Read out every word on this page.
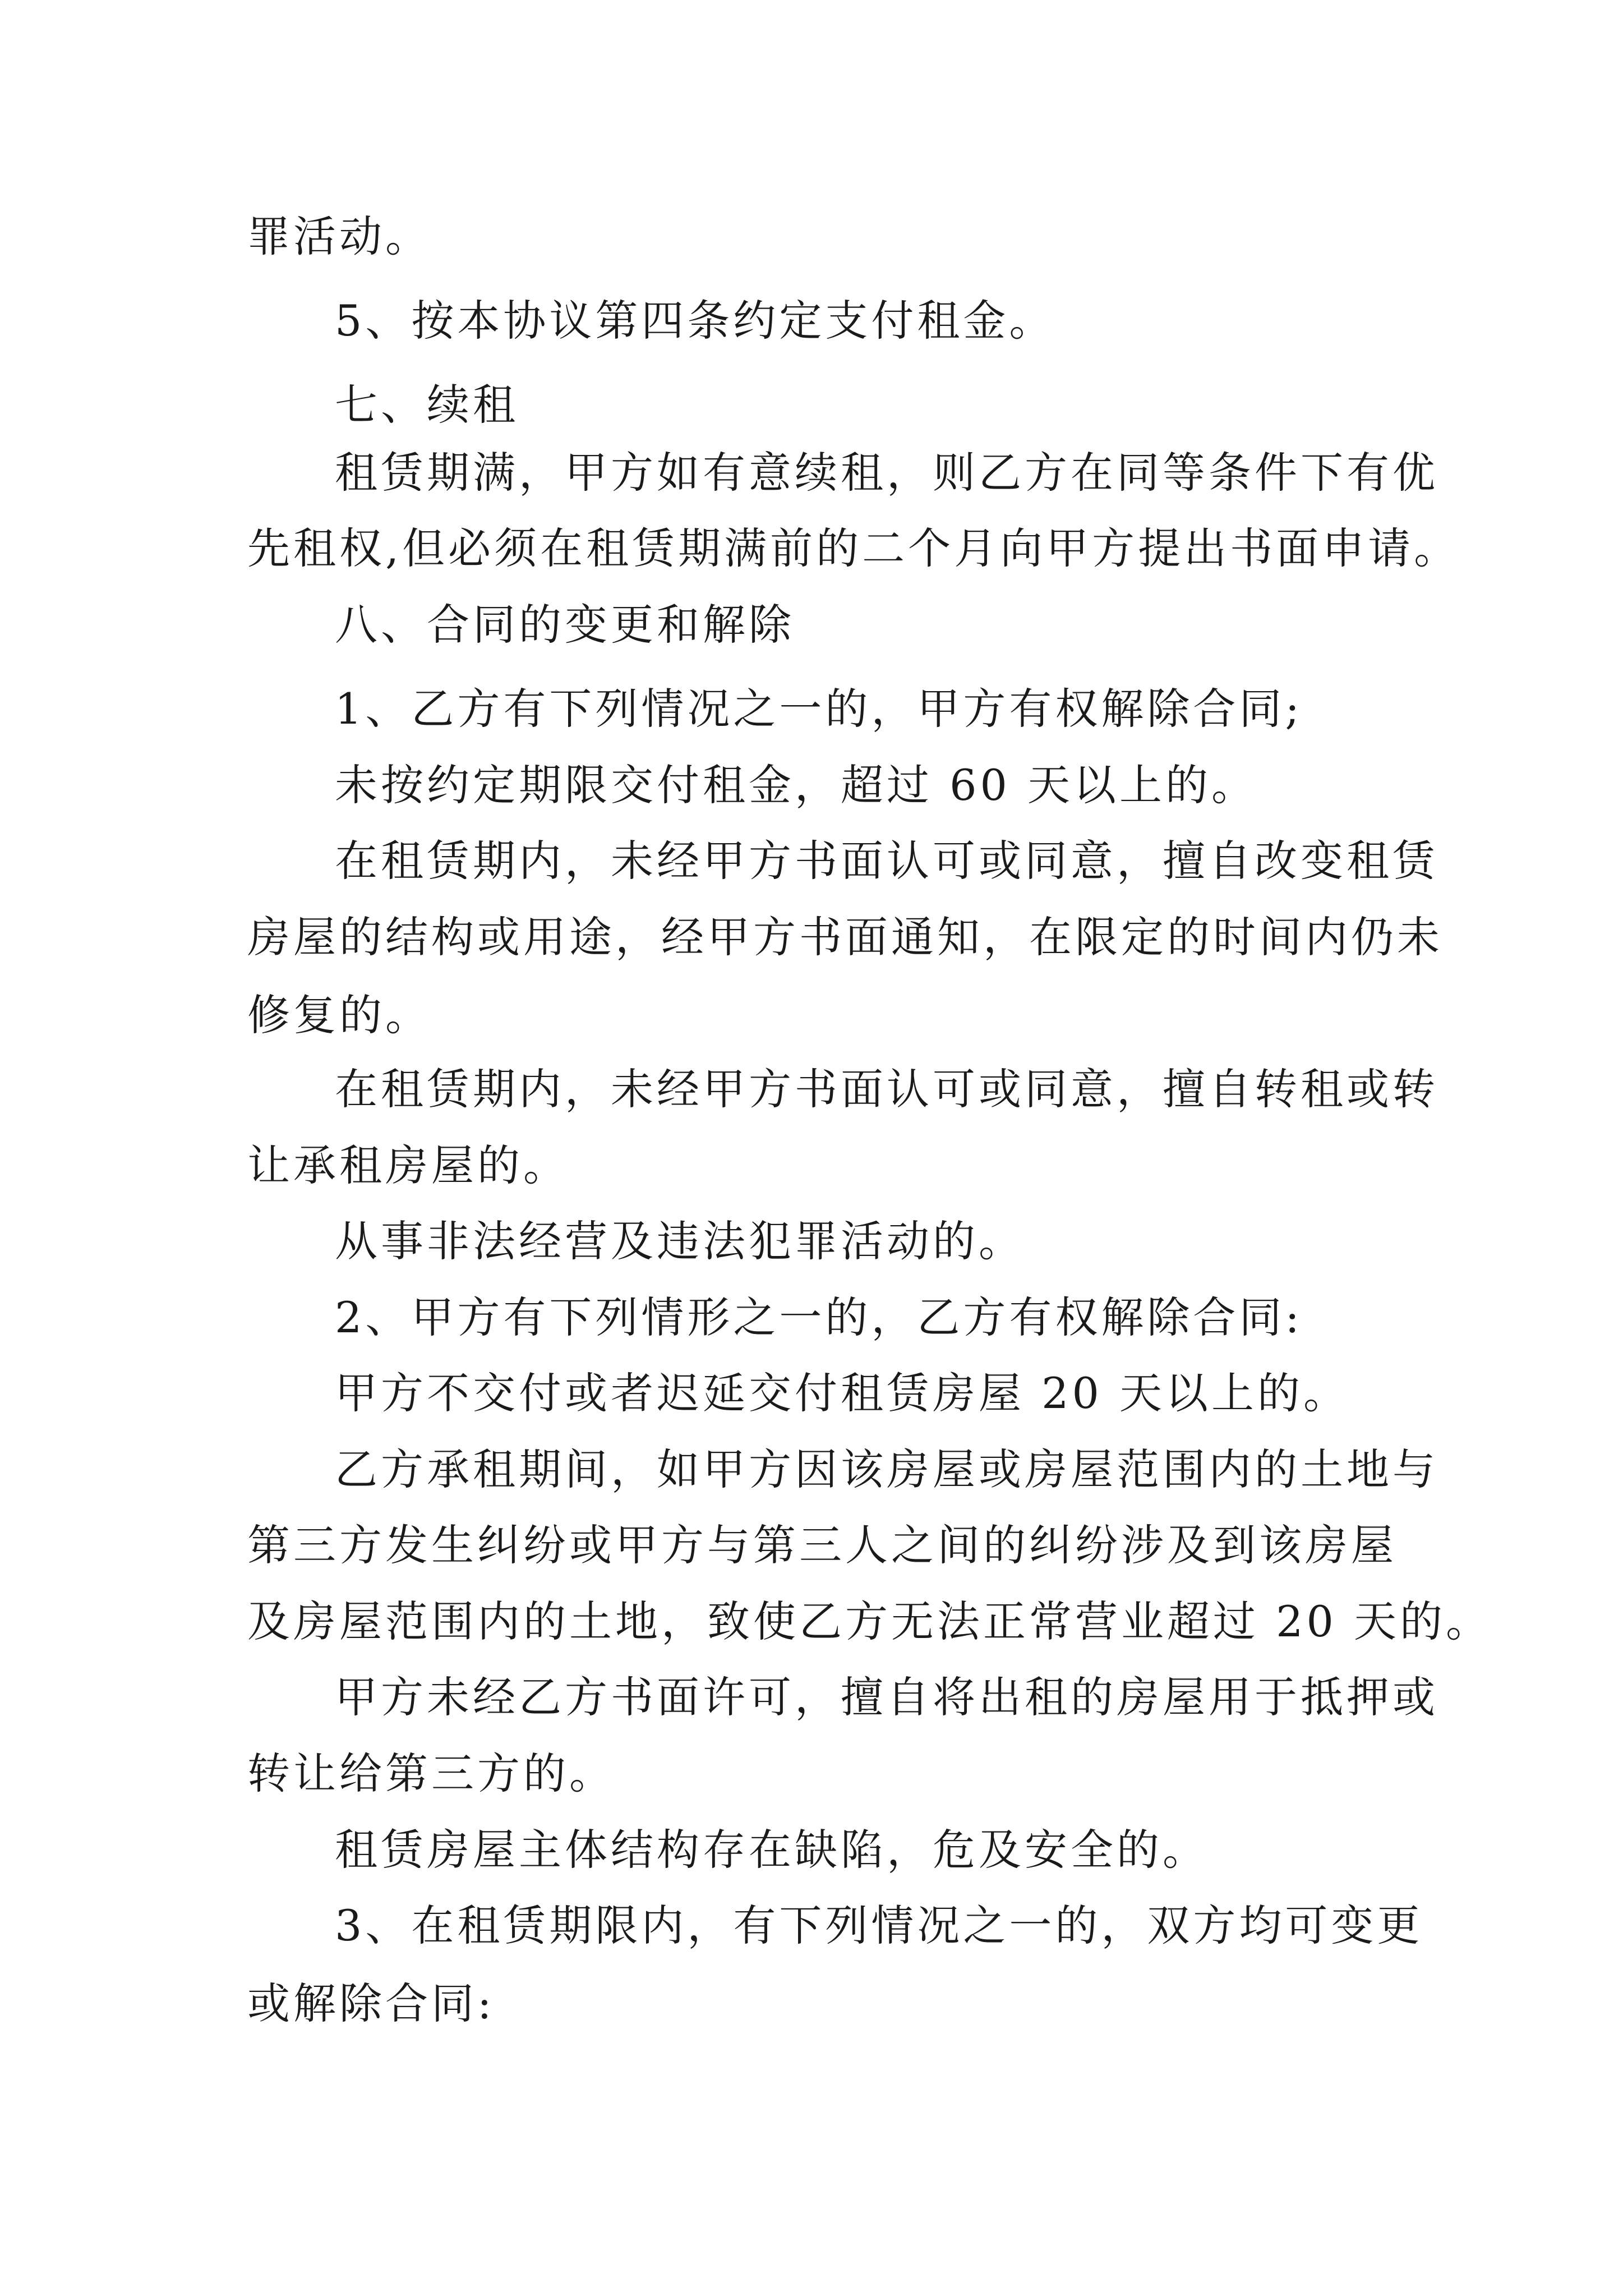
罪活动。

5、按本协议第四条约定支付租金。

七、续租

租赁期满，甲方如有意续租，则乙方在同等条件下有优

先租权,但必须在租赁期满前的二个月向甲方提出书面申请。

八、合同的变更和解除

1、乙方有下列情况之一的，甲方有权解除合同;

未按约定期限交付租金，超过 60 天以上的。

在租赁期内，未经甲方书面认可或同意，擅自改变租赁

房屋的结构或用途，经甲方书面通知，在限定的时间内仍未

修复的。

在租赁期内，未经甲方书面认可或同意，擅自转租或转

让承租房屋的。

从事非法经营及违法犯罪活动的。

2、甲方有下列情形之一的，乙方有权解除合同:

甲方不交付或者迟延交付租赁房屋 20 天以上的。

乙方承租期间，如甲方因该房屋或房屋范围内的土地与

第三方发生纠纷或甲方与第三人之间的纠纷涉及到该房屋

及房屋范围内的土地，致使乙方无法正常营业超过 20 天的。

甲方未经乙方书面许可，擅自将出租的房屋用于抵押或

转让给第三方的。

租赁房屋主体结构存在缺陷，危及安全的。

3、在租赁期限内，有下列情况之一的，双方均可变更

或解除合同:
